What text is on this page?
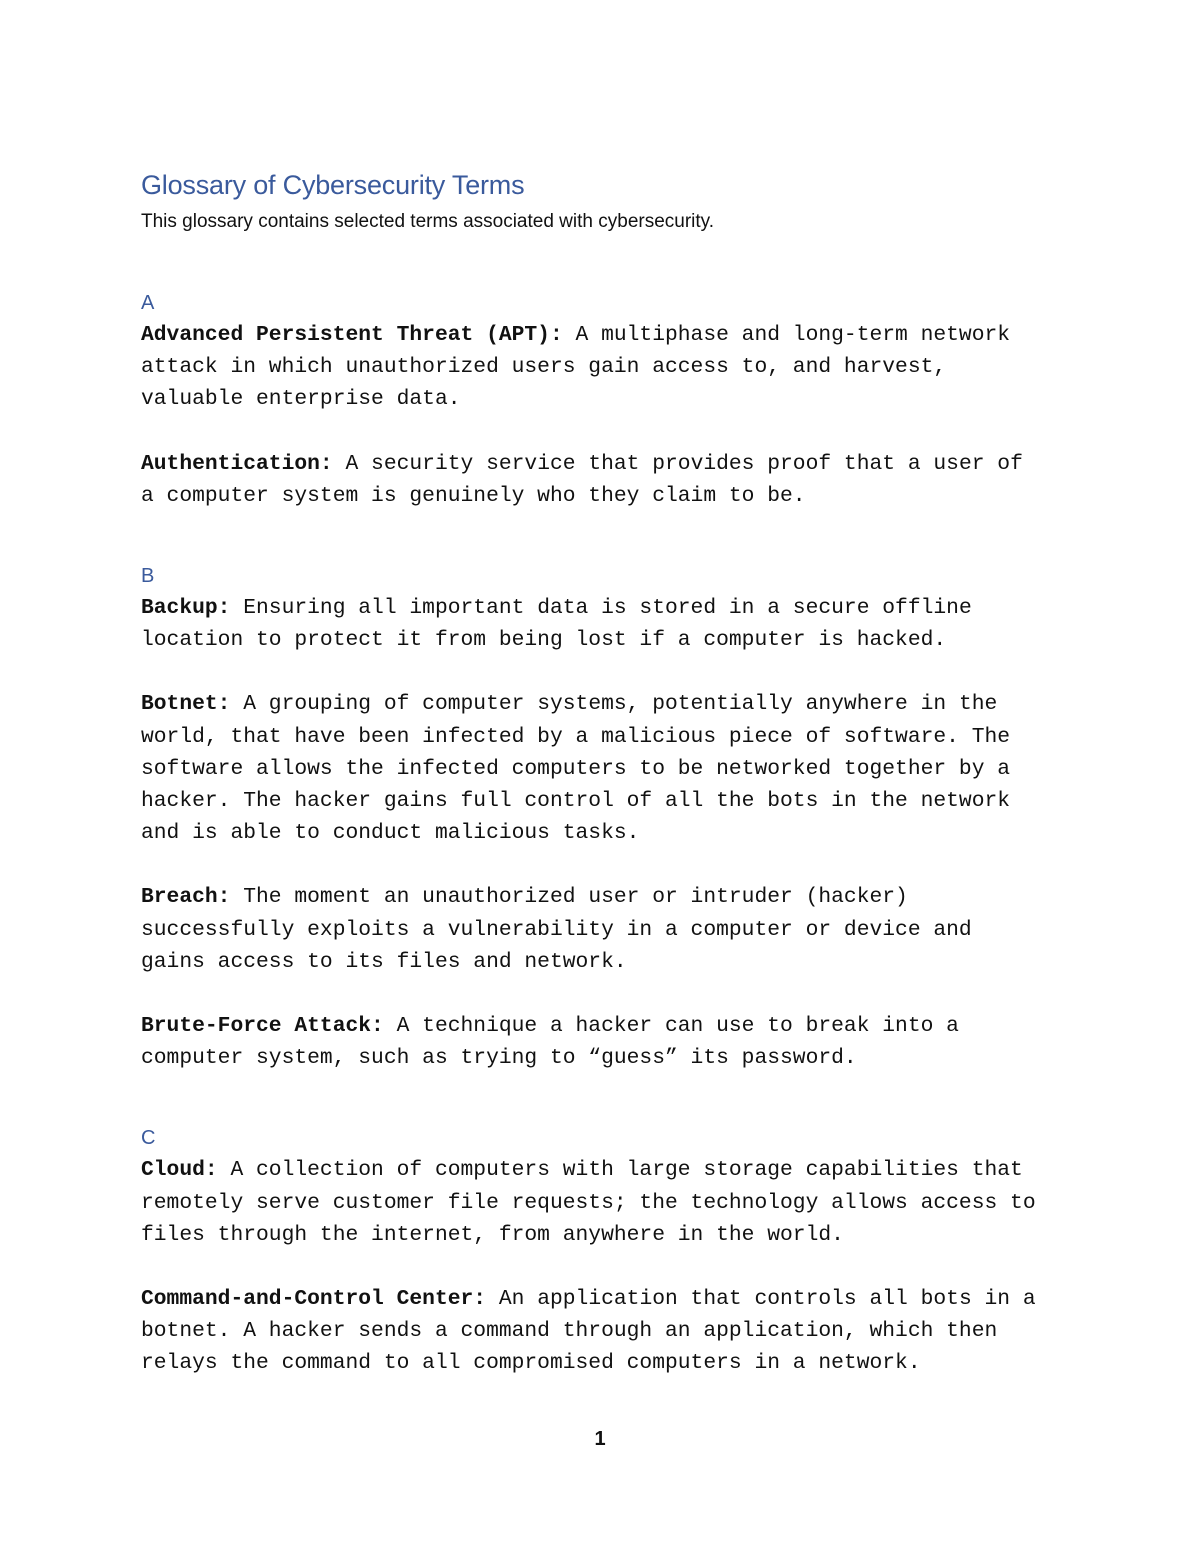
Glossary of Cybersecurity Terms

This glossary contains selected terms associated with cybersecurity.

A

Advanced Persistent Threat (APT): A multiphase and long-term network
attack in which unauthorized users gain access to, and harvest,
valuable enterprise data.

Authentication: A security service that provides proof that a user of
a computer system is genuinely who they claim to be.

B

Backup: Ensuring all important data is stored in a secure offline
location to protect it from being lost if a computer is hacked.

Botnet: A grouping of computer systems, potentially anywhere in the
world, that have been infected by a malicious piece of software. The
software allows the infected computers to be networked together by a
hacker. The hacker gains full control of all the bots in the network
and is able to conduct malicious tasks.

Breach: The moment an unauthorized user or intruder (hacker)
successfully exploits a vulnerability in a computer or device and
gains access to its files and network.

Brute-Force Attack: A technique a hacker can use to break into a
computer system, such as trying to “guess” its password.

C

Cloud: A collection of computers with large storage capabilities that
remotely serve customer file requests; the technology allows access to
files through the internet, from anywhere in the world.

Command-and-Control Center: An application that controls all bots in a
botnet. A hacker sends a command through an application, which then
relays the command to all compromised computers in a network.

1
